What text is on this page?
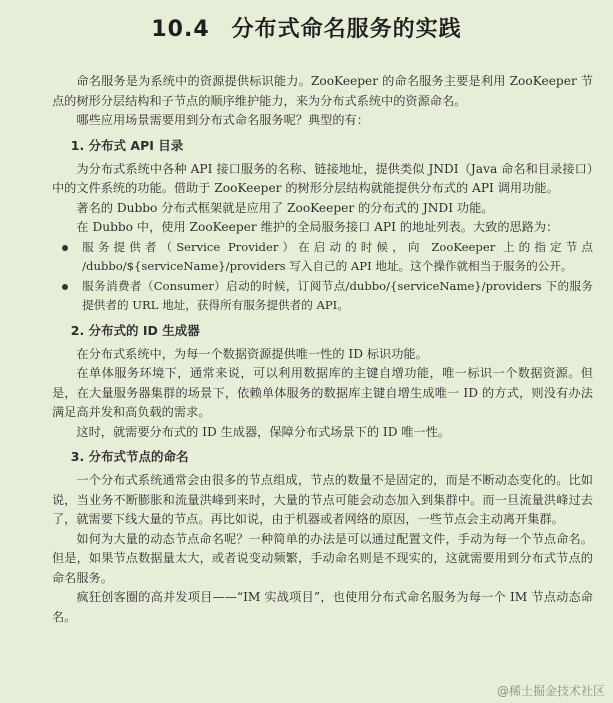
10.4 分布式命名服务的实践

命名服务是为系统中的资源提供标识能力。ZooKeeper 的命名服务主要是利用 ZooKeeper 节点的树形分层结构和子节点的顺序维护能力，来为分布式系统中的资源命名。

哪些应用场景需要用到分布式命名服务呢？典型的有：

1. 分布式 API 目录

为分布式系统中各种 API 接口服务的名称、链接地址，提供类似 JNDI（Java 命名和目录接口）中的文件系统的功能。借助于 ZooKeeper 的树形分层结构就能提供分布式的 API 调用功能。

著名的 Dubbo 分布式框架就是应用了 ZooKeeper 的分布式的 JNDI 功能。

在 Dubbo 中，使用 ZooKeeper 维护的全局服务接口 API 的地址列表。大致的思路为：

服务提供者（Service Provider）在启动的时候，向 ZooKeeper 上的指定节点 /dubbo/${serviceName}/providers 写入自己的 API 地址。这个操作就相当于服务的公开。

服务消费者（Consumer）启动的时候，订阅节点/dubbo/{serviceName}/providers 下的服务提供者的 URL 地址，获得所有服务提供者的 API。

2. 分布式的 ID 生成器

在分布式系统中，为每一个数据资源提供唯一性的 ID 标识功能。

在单体服务环境下，通常来说，可以利用数据库的主键自增功能，唯一标识一个数据资源。但是，在大量服务器集群的场景下，依赖单体服务的数据库主键自增生成唯一 ID 的方式，则没有办法满足高并发和高负载的需求。

这时，就需要分布式的 ID 生成器，保障分布式场景下的 ID 唯一性。

3. 分布式节点的命名

一个分布式系统通常会由很多的节点组成，节点的数量不是固定的，而是不断动态变化的。比如说，当业务不断膨胀和流量洪峰到来时，大量的节点可能会动态加入到集群中。而一旦流量洪峰过去了，就需要下线大量的节点。再比如说，由于机器或者网络的原因，一些节点会主动离开集群。

如何为大量的动态节点命名呢？一种简单的办法是可以通过配置文件，手动为每一个节点命名。但是，如果节点数据量太大，或者说变动频繁，手动命名则是不现实的，这就需要用到分布式节点的命名服务。

疯狂创客圈的高并发项目——“IM 实战项目”，也使用分布式命名服务为每一个 IM 节点动态命名。

@稀土掘金技术社区
